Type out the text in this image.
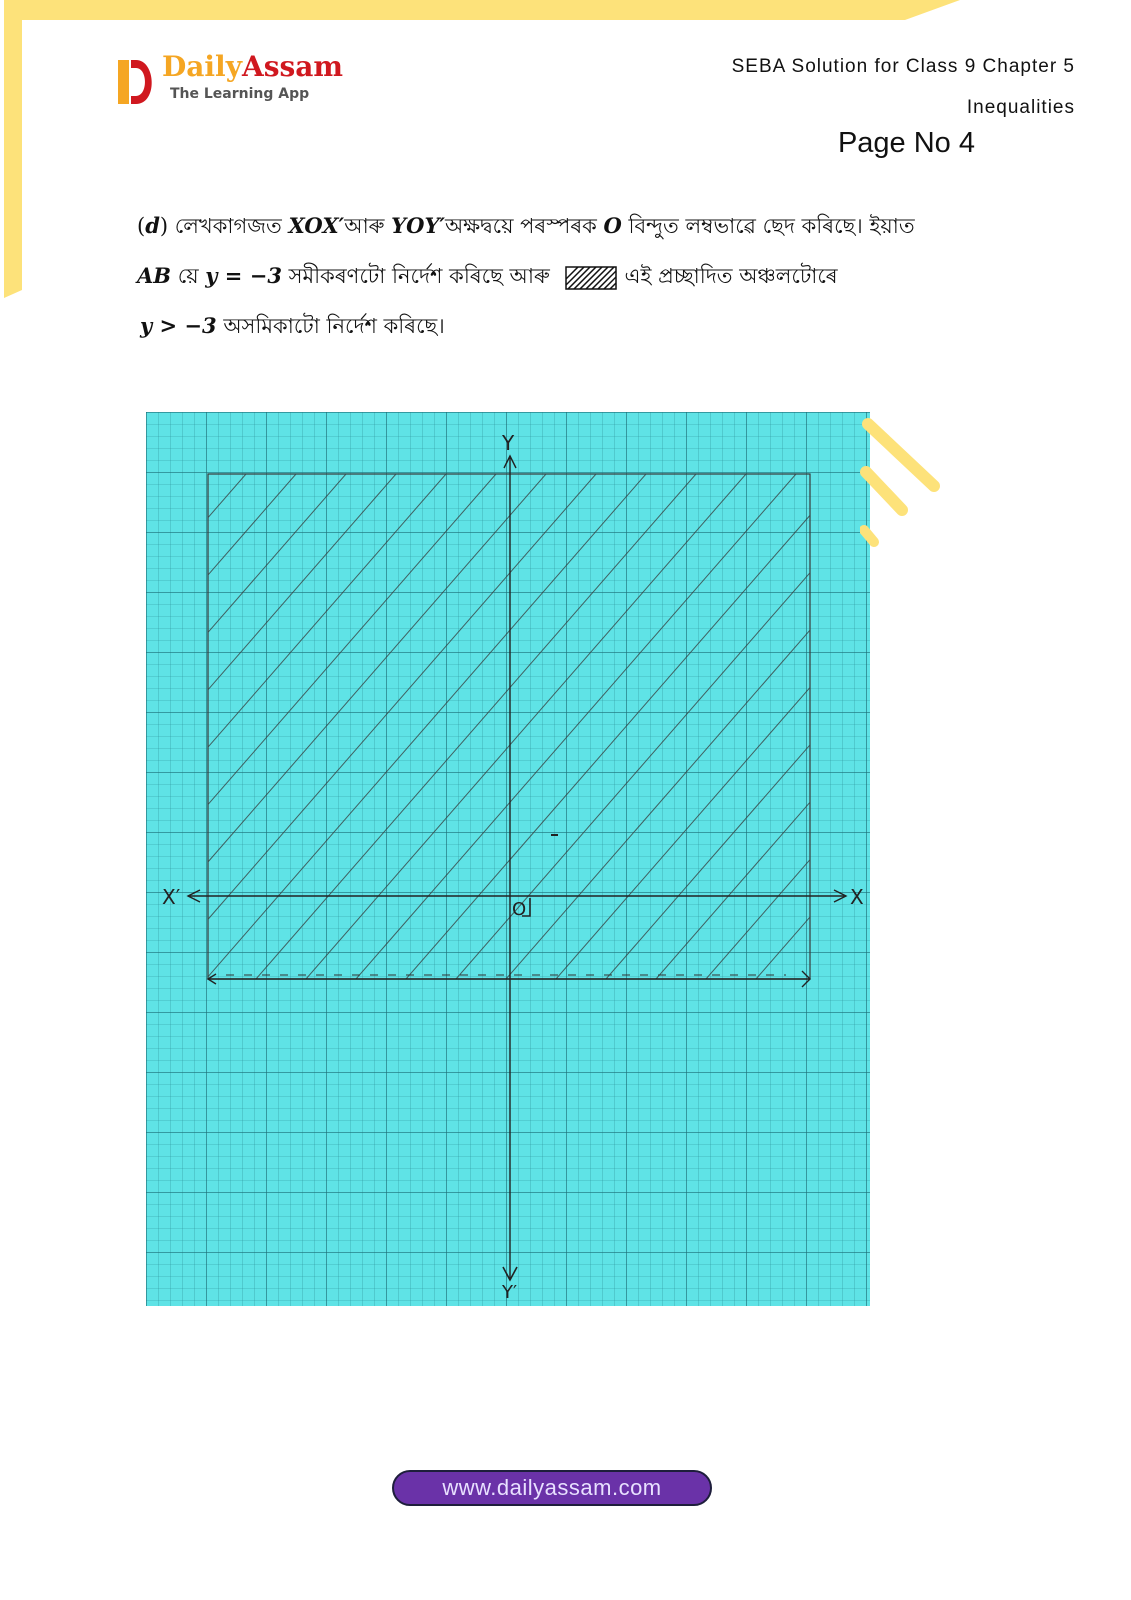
DailyAssam
The Learning App
SEBA Solution for Class 9 Chapter 5
Inequalities
Page No 4
(d) লেখকাগজত XOX′আৰু YOY′অক্ষদ্বয়ে পৰস্পৰক O বিন্দুত লম্বভাৱে ছেদ কৰিছে। ইয়াত
AB য়ে y = −3 সমীকৰণটো নিৰ্দেশ কৰিছে আৰু	এই প্ৰচ্ছাদিত অঞ্চলটোৰে
y > −3 অসমিকাটো নিৰ্দেশ কৰিছে।
Y
Y′
X′	X
O
www.dailyassam.com
